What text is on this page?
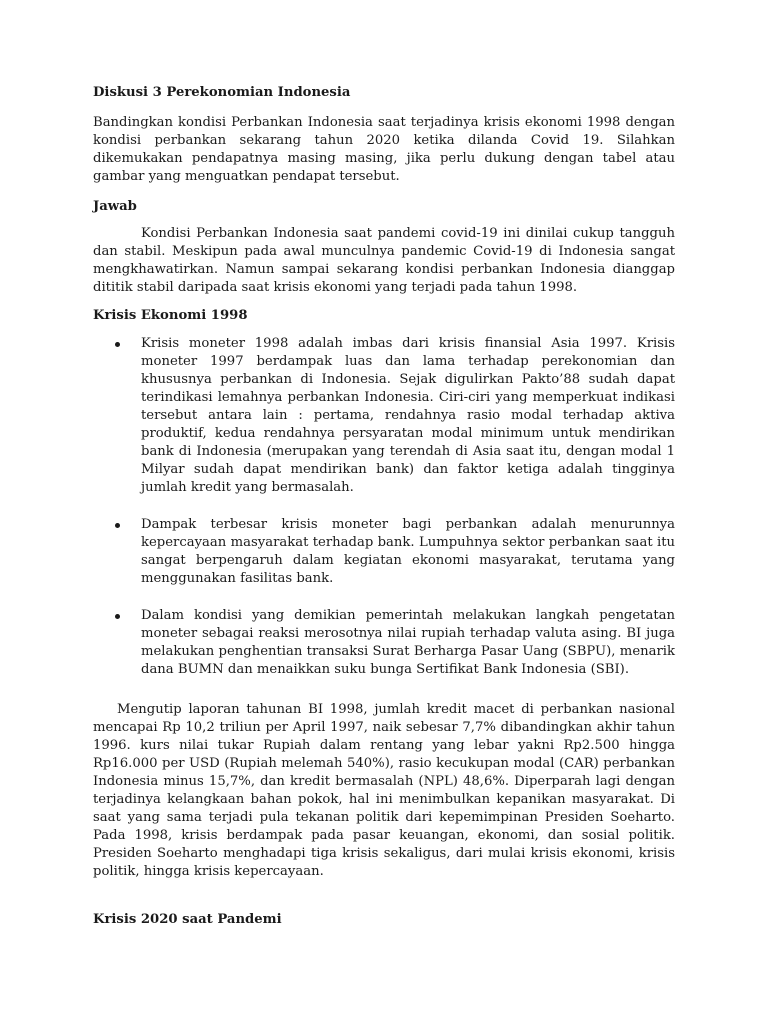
Diskusi 3 Perekonomian Indonesia

Bandingkan kondisi Perbankan Indonesia saat terjadinya krisis ekonomi 1998 dengan kondisi perbankan sekarang tahun 2020 ketika dilanda Covid 19. Silahkan dikemukakan pendapatnya masing masing, jika perlu dukung dengan tabel atau gambar yang menguatkan pendapat tersebut.

Jawab

Kondisi Perbankan Indonesia saat pandemi covid-19 ini dinilai cukup tangguh dan stabil. Meskipun pada awal munculnya pandemic Covid-19 di Indonesia sangat mengkhawatirkan. Namun sampai sekarang kondisi perbankan Indonesia dianggap dititik stabil daripada saat krisis ekonomi yang terjadi pada tahun 1998.

Krisis Ekonomi 1998

Krisis moneter 1998 adalah imbas dari krisis finansial Asia 1997. Krisis moneter 1997 berdampak luas dan lama terhadap perekonomian dan khususnya perbankan di Indonesia. Sejak digulirkan Pakto’88 sudah dapat terindikasi lemahnya perbankan Indonesia. Ciri-ciri yang memperkuat indikasi tersebut antara lain : pertama, rendahnya rasio modal terhadap aktiva produktif, kedua rendahnya persyaratan modal minimum untuk mendirikan bank di Indonesia (merupakan yang terendah di Asia saat itu, dengan modal 1 Milyar sudah dapat mendirikan bank) dan faktor ketiga adalah tingginya jumlah kredit yang bermasalah.
Dampak terbesar krisis moneter bagi perbankan adalah menurunnya kepercayaan masyarakat terhadap bank. Lumpuhnya sektor perbankan saat itu sangat berpengaruh dalam kegiatan ekonomi masyarakat, terutama yang menggunakan fasilitas bank.
Dalam kondisi yang demikian pemerintah melakukan langkah pengetatan moneter sebagai reaksi merosotnya nilai rupiah terhadap valuta asing. BI juga melakukan penghentian transaksi Surat Berharga Pasar Uang (SBPU), menarik dana BUMN dan menaikkan suku bunga Sertifikat Bank Indonesia (SBI).

Mengutip laporan tahunan BI 1998, jumlah kredit macet di perbankan nasional mencapai Rp 10,2 triliun per April 1997, naik sebesar 7,7% dibandingkan akhir tahun 1996. kurs nilai tukar Rupiah dalam rentang yang lebar yakni Rp2.500 hingga Rp16.000 per USD (Rupiah melemah 540%), rasio kecukupan modal (CAR) perbankan Indonesia minus 15,7%, dan kredit bermasalah (NPL) 48,6%. Diperparah lagi dengan terjadinya kelangkaan bahan pokok, hal ini menimbulkan kepanikan masyarakat. Di saat yang sama terjadi pula tekanan politik dari kepemimpinan Presiden Soeharto. Pada 1998, krisis berdampak pada pasar keuangan, ekonomi, dan sosial politik. Presiden Soeharto menghadapi tiga krisis sekaligus, dari mulai krisis ekonomi, krisis politik, hingga krisis kepercayaan.

Krisis 2020 saat Pandemi
